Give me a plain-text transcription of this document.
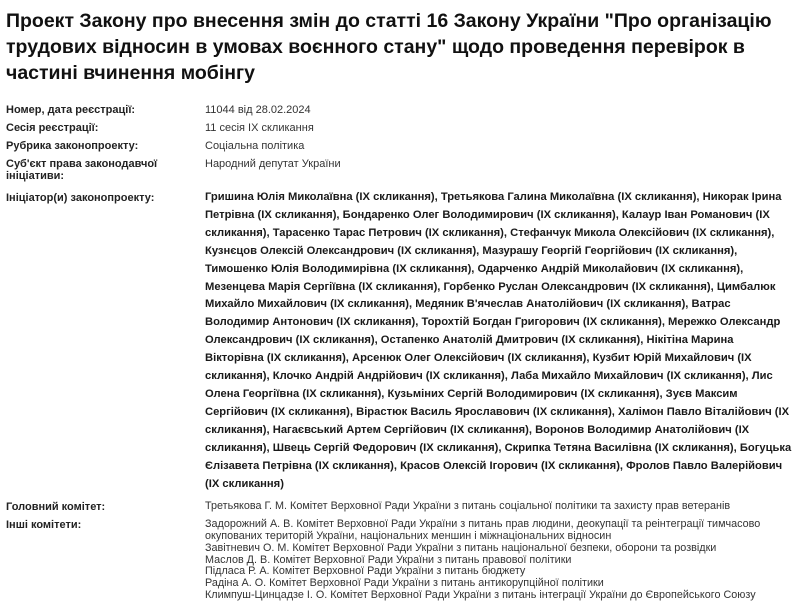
Проект Закону про внесення змін до статті 16 Закону України "Про організацію трудових відносин в умовах воєнного стану" щодо проведення перевірок в частині вчинення мобінгу
Номер, дата реєстрації:	11044 від 28.02.2024
Сесія реєстрації:	11 сесія IX скликання
Рубрика законопроекту:	Соціальна політика
Суб'єкт права законодавчої ініціативи:
Народний депутат України
Ініціатор(и) законопроекту:	Гришина Юлія Миколаївна (IX скликання), Третьякова Галина Миколаївна (IX скликання), Никорак Ірина Петрівна (IX скликання), Бондаренко Олег Володимирович (IX скликання), Калаур Іван Романович (IX скликання), Тарасенко Тарас Петрович (IX скликання), Стефанчук Микола Олексійович (IX скликання), Кузнєцов Олексій Олександрович (IX скликання), Мазурашу Георгій Георгійович (IX скликання), Тимошенко Юлія Володимирівна (IX скликання), Одарченко Андрій Миколайович (IX скликання), Мезенцева Марія Сергіївна (IX скликання), Горбенко Руслан Олександрович (IX скликання), Цимбалюк Михайло Михайлович (IX скликання), Медяник В'ячеслав Анатолійович (IX скликання), Ватрас Володимир Антонович (IX скликання), Торохтій Богдан Григорович (IX скликання), Мережко Олександр Олександрович (IX скликання), Остапенко Анатолій Дмитрович (IX скликання), Нікітіна Марина Вікторівна (IX скликання), Арсенюк Олег Олексійович (IX скликання), Кузбит Юрій Михайлович (IX скликання), Клочко Андрій Андрійович (IX скликання), Лаба Михайло Михайлович (IX скликання), Лис Олена Георгіївна (IX скликання), Кузьміних Сергій Володимирович (IX скликання), Зуєв Максим Сергійович (IX скликання), Вірастюк Василь Ярославович (IX скликання), Халімон Павло Віталійович (IX скликання), Нагаєвський Артем Сергійович (IX скликання), Воронов Володимир Анатолійович (IX скликання), Швець Сергій Федорович (IX скликання), Скрипка Тетяна Василівна (IX скликання), Богуцька Єлізавета Петрівна (IX скликання), Красов Олексій Ігорович (IX скликання), Фролов Павло Валерійович (IX скликання)
Головний комітет:	Третьякова Г. М. Комітет Верховної Ради України з питань соціальної політики та захисту прав ветеранів
Інші комітети:	Задорожний А. В. Комітет Верховної Ради України з питань прав людини, деокупації та реінтеграції тимчасово окупованих територій України, національних меншин і міжнаціональних відносин
Завітневич О. М. Комітет Верховної Ради України з питань національної безпеки, оборони та розвідки
Маслов Д. В. Комітет Верховної Ради України з питань правової політики
Підласа Р. А. Комітет Верховної Ради України з питань бюджету
Радіна А. О. Комітет Верховної Ради України з питань антикорупційної політики
Климпуш-Цинцадзе І. О. Комітет Верховної Ради України з питань інтеграції України до Європейського Союзу
